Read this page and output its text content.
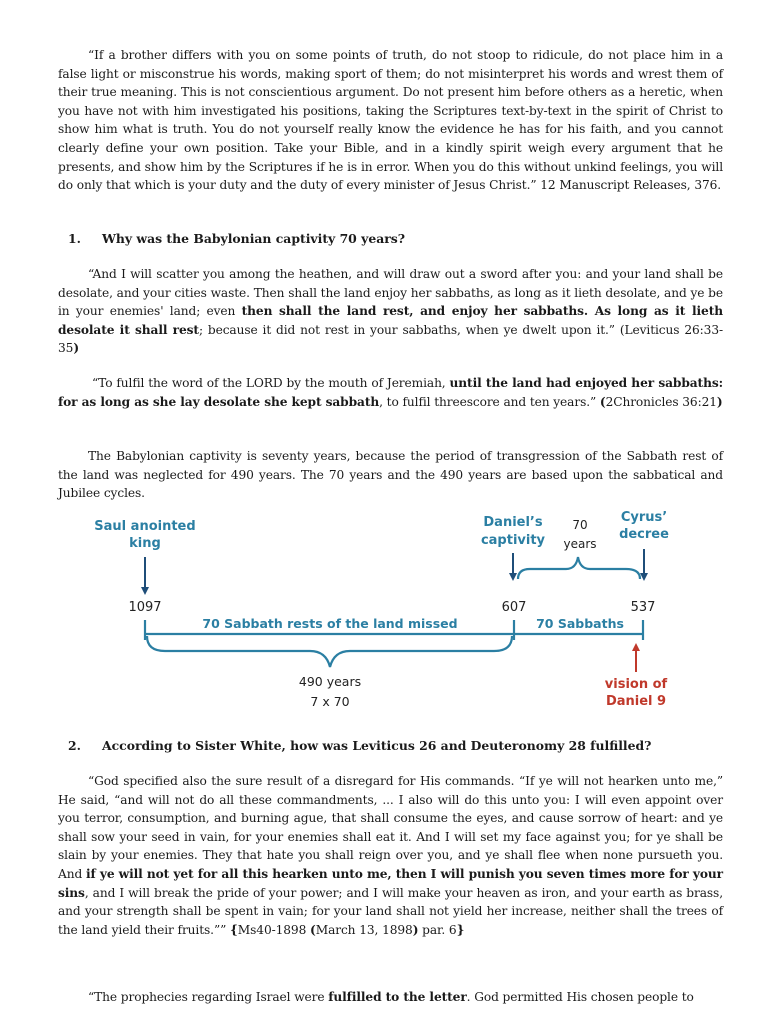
“If a brother differs with you on some points of truth, do not stoop to ridicule, do not place him in a false light or misconstrue his words, making sport of them; do not misinterpret his words and wrest them of their true meaning. This is not conscientious argument. Do not present him before others as a heretic, when you have not with him investigated his positions, taking the Scriptures text-by-text in the spirit of Christ to show him what is truth. You do not yourself really know the evidence he has for his faith, and you cannot clearly define your own position. Take your Bible, and in a kindly spirit weigh every argument that he presents, and show him by the Scriptures if he is in error. When you do this without unkind feelings, you will do only that which is your duty and the duty of every minister of Jesus Christ.” 12 Manuscript Releases, 376.

1. Why was the Babylonian captivity 70 years?

“And I will scatter you among the heathen, and will draw out a sword after you: and your land shall be desolate, and your cities waste. Then shall the land enjoy her sabbaths, as long as it lieth desolate, and ye be in your enemies' land; even then shall the land rest, and enjoy her sabbaths. As long as it lieth desolate it shall rest; because it did not rest in your sabbaths, when ye dwelt upon it.” (Leviticus 26:33-35)

“To fulfil the word of the LORD by the mouth of Jeremiah, until the land had enjoyed her sabbaths: for as long as she lay desolate she kept sabbath, to fulfil threescore and ten years.” (2Chronicles 36:21)

The Babylonian captivity is seventy years, because the period of transgression of the Sabbath rest of the land was neglected for 490 years. The 70 years and the 490 years are based upon the sabbatical and Jubilee cycles.

Saul anointed
king
Daniel’s
captivity
70
years
Cyrus’
decree
1097	607	537
70 Sabbath rests of the land missed	70 Sabbaths
490 years
7 x 70
vision of
Daniel 9

2. According to Sister White, how was Leviticus 26 and Deuteronomy 28 fulfilled?

“God specified also the sure result of a disregard for His commands. “If ye will not hearken unto me,” He said, “and will not do all these commandments, ... I also will do this unto you: I will even appoint over you terror, consumption, and burning ague, that shall consume the eyes, and cause sorrow of heart: and ye shall sow your seed in vain, for your enemies shall eat it. And I will set my face against you; for ye shall be slain by your enemies. They that hate you shall reign over you, and ye shall flee when none pursueth you. And if ye will not yet for all this hearken unto me, then I will punish you seven times more for your sins, and I will break the pride of your power; and I will make your heaven as iron, and your earth as brass, and your strength shall be spent in vain; for your land shall not yield her increase, neither shall the trees of the land yield their fruits.”” {Ms40-1898 (March 13, 1898) par. 6}

“The prophecies regarding Israel were fulfilled to the letter. God permitted His chosen people to
